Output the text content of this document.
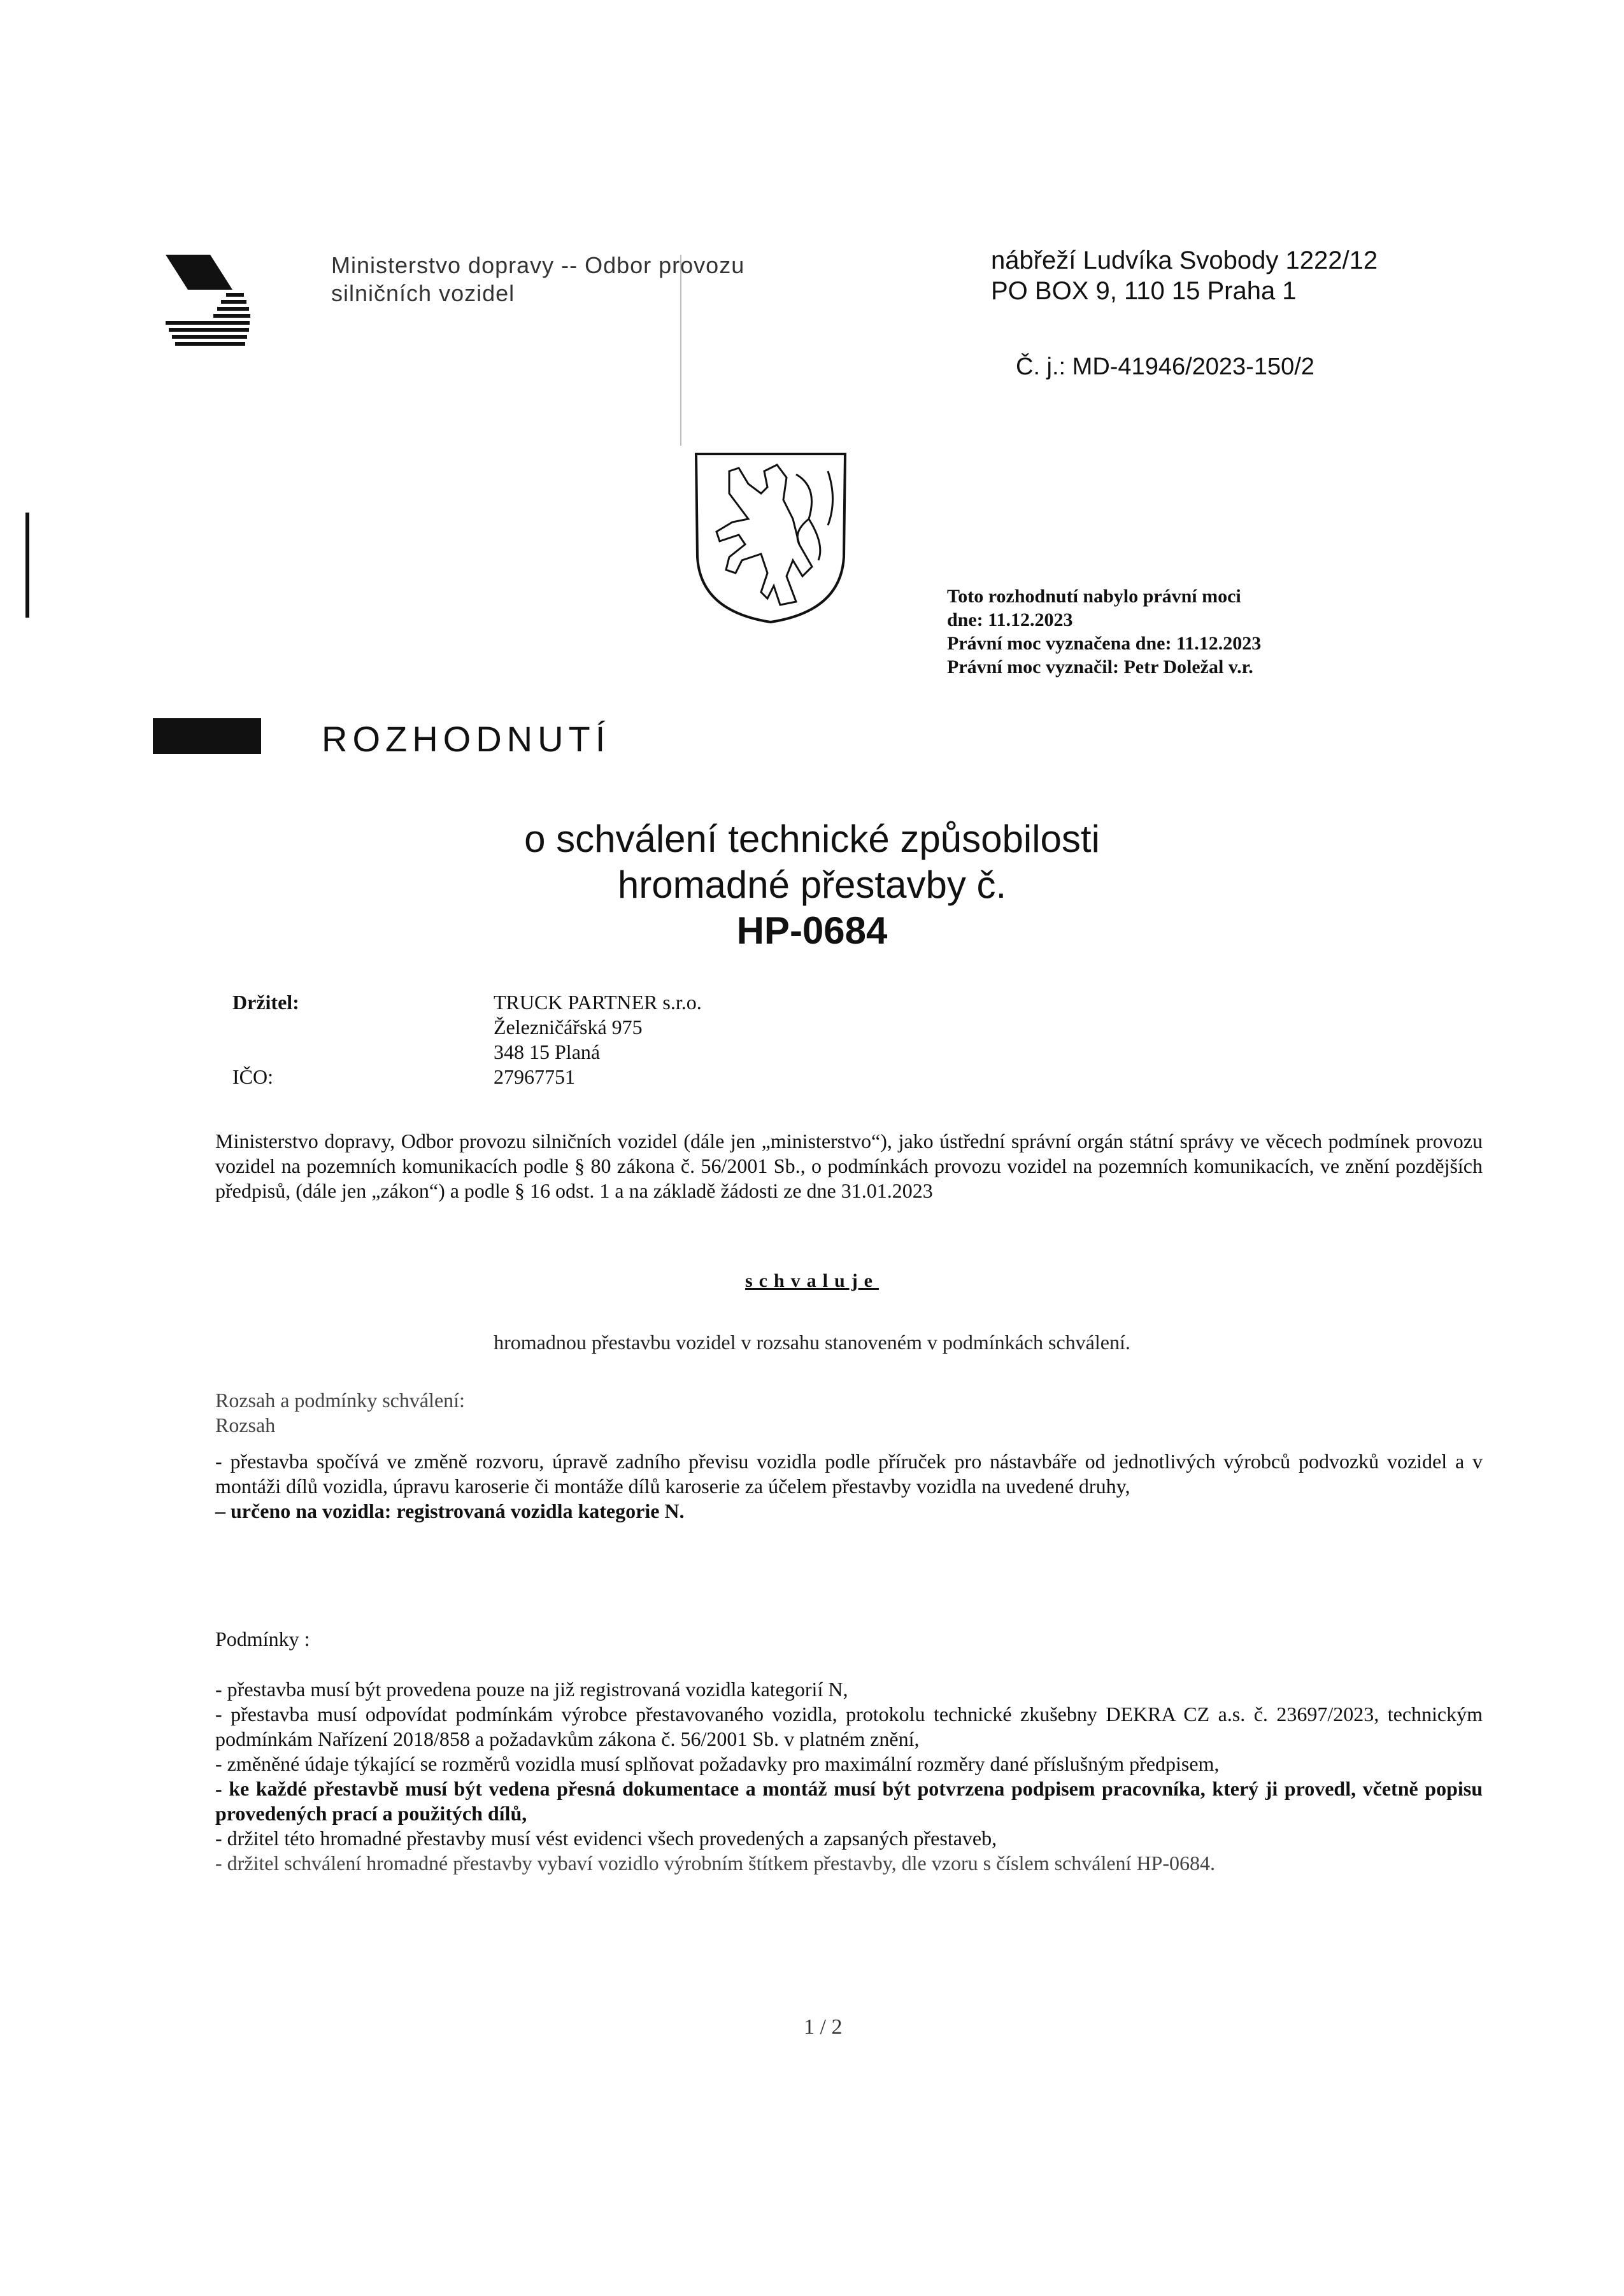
Ministerstvo dopravy -- Odbor provozu
silničních vozidel
nábřeží Ludvíka Svobody 1222/12
PO BOX 9, 110 15 Praha 1
Č. j.: MD-41946/2023-150/2
Toto rozhodnutí nabylo právní moci
dne: 11.12.2023
Právní moc vyznačena dne: 11.12.2023
Právní moc vyznačil: Petr Doležal v.r.
ROZHODNUTÍ
o schválení technické způsobilosti
hromadné přestavby č.
HP-0684
Držitel:	TRUCK PARTNER s.r.o.
Železničářská 975
348 15 Planá
IČO:	27967751
Ministerstvo dopravy, Odbor provozu silničních vozidel (dále jen „ministerstvo“), jako ústřední správní orgán státní správy ve věcech podmínek provozu vozidel na pozemních komunikacích podle § 80 zákona č. 56/2001 Sb., o podmínkách provozu vozidel na pozemních komunikacích, ve znění pozdějších předpisů, (dále jen „zákon“) a podle § 16 odst. 1 a na základě žádosti ze dne 31.01.2023
schvaluje
hromadnou přestavbu vozidel v rozsahu stanoveném v podmínkách schválení.
Rozsah a podmínky schválení:
Rozsah
- přestavba spočívá ve změně rozvoru, úpravě zadního převisu vozidla podle příruček pro nástavbáře od jednotlivých výrobců podvozků vozidel a v montáži dílů vozidla, úpravu karoserie či montáže dílů karoserie za účelem přestavby vozidla na uvedené druhy,
– určeno na vozidla: registrovaná vozidla kategorie N.
Podmínky :
- přestavba musí být provedena pouze na již registrovaná vozidla kategorií N,
- přestavba musí odpovídat podmínkám výrobce přestavovaného vozidla, protokolu technické zkušebny DEKRA CZ a.s. č. 23697/2023, technickým podmínkám Nařízení 2018/858 a požadavkům zákona č. 56/2001 Sb. v platném znění,
- změněné údaje týkající se rozměrů vozidla musí splňovat požadavky pro maximální rozměry dané příslušným předpisem,
- ke každé přestavbě musí být vedena přesná dokumentace a montáž musí být potvrzena podpisem pracovníka, který ji provedl, včetně popisu provedených prací a použitých dílů,
- držitel této hromadné přestavby musí vést evidenci všech provedených a zapsaných přestaveb,
- držitel schválení hromadné přestavby vybaví vozidlo výrobním štítkem přestavby, dle vzoru s číslem schválení HP-0684.
1 / 2
